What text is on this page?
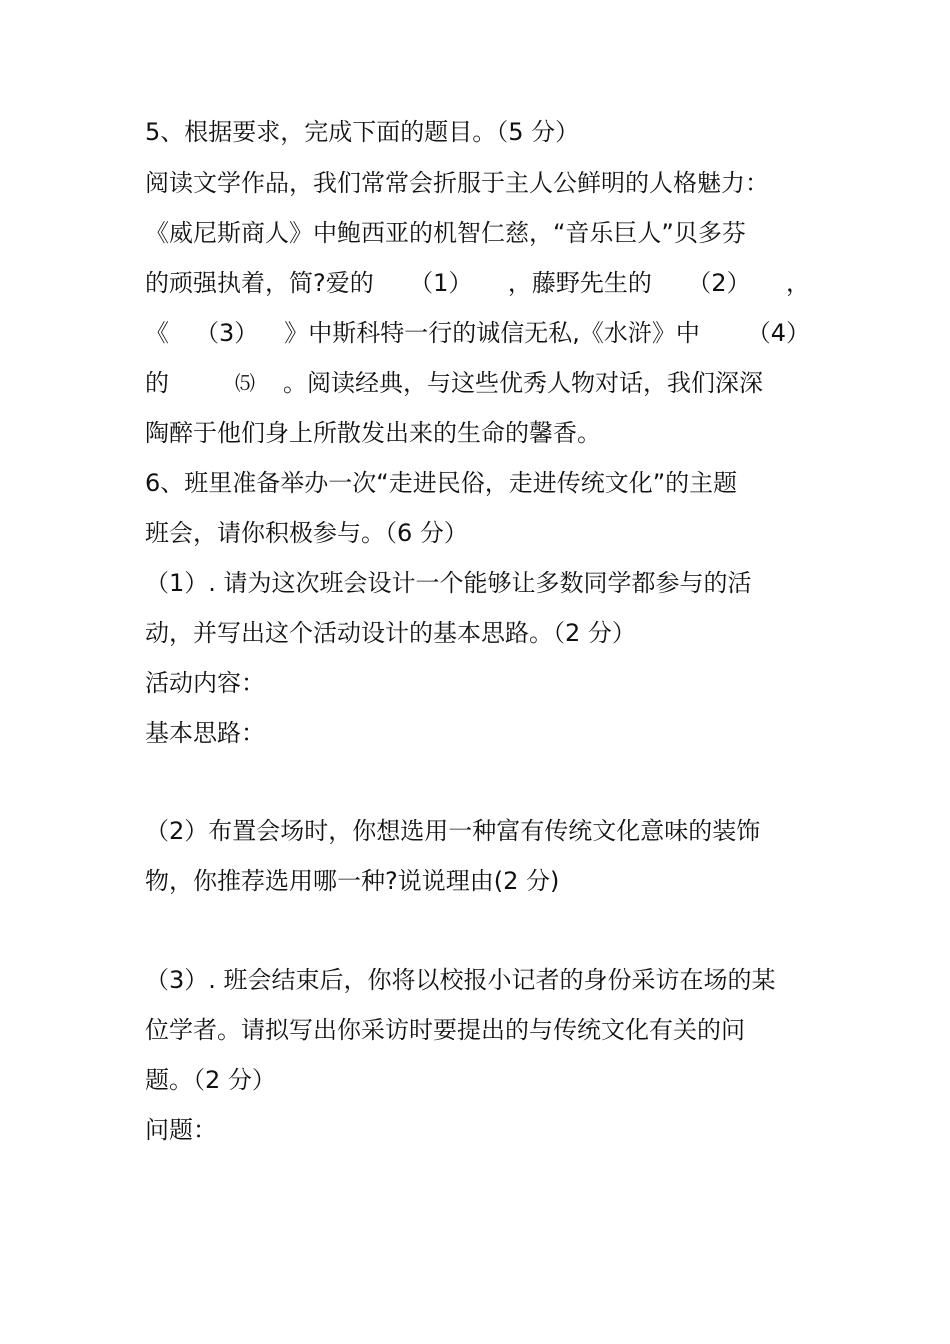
5、根据要求，完成下面的题目。（5 分）
阅读文学作品，我们常常会折服于主人公鲜明的人格魅力：
《威尼斯商人》中鲍西亚的机智仁慈，“音乐巨人”贝多芬
的顽强执着，简?爱的 （1） ，藤野先生的 （2） ，
《 （3） 》中斯科特一行的诚信无私,《水浒》中 （4）
的	⑸ 。阅读经典，与这些优秀人物对话，我们深深
陶醉于他们身上所散发出来的生命的馨香。
6、班里准备举办一次“走进民俗，走进传统文化”的主题
班会，请你积极参与。（6 分）
（1）. 请为这次班会设计一个能够让多数同学都参与的活
动，并写出这个活动设计的基本思路。（2 分）
活动内容：
基本思路：
（2）布置会场时，你想选用一种富有传统文化意味的装饰
物，你推荐选用哪一种?说说理由(2 分)
（3）. 班会结束后，你将以校报小记者的身份采访在场的某
位学者。请拟写出你采访时要提出的与传统文化有关的问
题。（2 分）
问题：
